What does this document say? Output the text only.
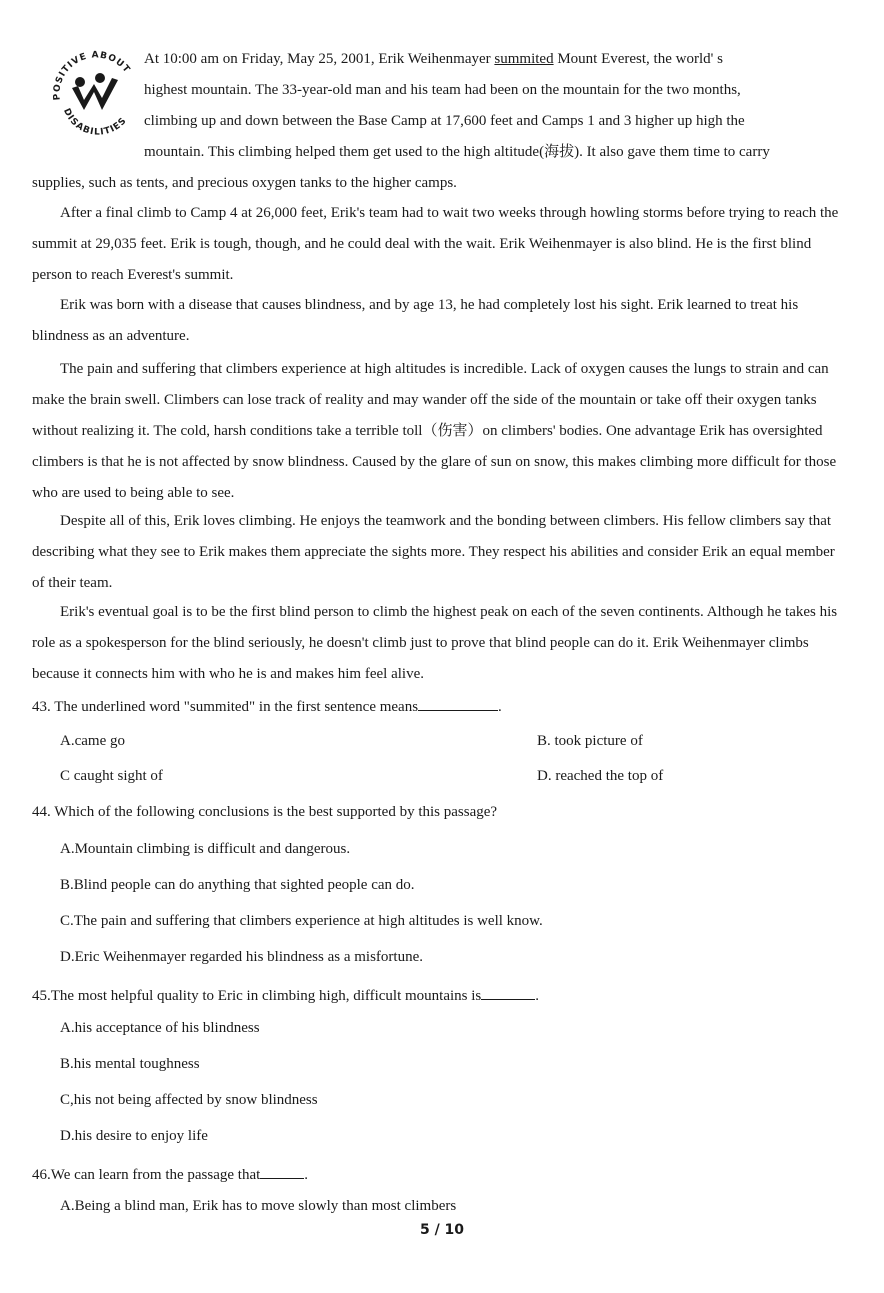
POSITIVE ABOUT
DISABILITIES

At 10:00 am on Friday, May 25, 2001, Erik Weihenmayer summited Mount Everest, the world' s
highest mountain. The 33-year-old man and his team had been on the mountain for the two months,
climbing up and down between the Base Camp at 17,600 feet and Camps 1 and 3 higher up high the
mountain. This climbing helped them get used to the high altitude(海拔). It also gave them time to carry
supplies, such as tents, and precious oxygen tanks to the higher camps.

After a final climb to Camp 4 at 26,000 feet, Erik's team had to wait two weeks through howling storms before trying to reach the summit at 29,035 feet. Erik is tough, though, and he could deal with the wait. Erik Weihenmayer is also blind. He is the first blind person to reach Everest's summit.

Erik was born with a disease that causes blindness, and by age 13, he had completely lost his sight. Erik learned to treat his blindness as an adventure.

The pain and suffering that climbers experience at high altitudes is incredible. Lack of oxygen causes the lungs to strain and can make the brain swell. Climbers can lose track of reality and may wander off the side of the mountain or take off their oxygen tanks without realizing it. The cold, harsh conditions take a terrible toll（伤害）on climbers' bodies. One advantage Erik has oversighted climbers is that he is not affected by snow blindness. Caused by the glare of sun on snow, this makes climbing more difficult for those who are used to being able to see.

Despite all of this, Erik loves climbing. He enjoys the teamwork and the bonding between climbers. His fellow climbers say that describing what they see to Erik makes them appreciate the sights more. They respect his abilities and consider Erik an equal member of their team.

Erik's eventual goal is to be the first blind person to climb the highest peak on each of the seven continents. Although he takes his role as a spokesperson for the blind seriously, he doesn't climb just to prove that blind people can do it. Erik Weihenmayer climbs because it connects him with who he is and makes him feel alive.

43. The underlined word "summited" in the first sentence means	.

A.came go	B. took picture of

C caught sight of	D. reached the top of

44. Which of the following conclusions is the best supported by this passage?

A.Mountain climbing is difficult and dangerous.

B.Blind people can do anything that sighted people can do.

C.The pain and suffering that climbers experience at high altitudes is well know.

D.Eric Weihenmayer regarded his blindness as a misfortune.

45.The most helpful quality to Eric in climbing high, difficult mountains is	.

A.his acceptance of his blindness

B.his mental toughness

C,his not being affected by snow blindness

D.his desire to enjoy life

46.We can learn from the passage that	.

A.Being a blind man, Erik has to move slowly than most climbers

5 / 10
